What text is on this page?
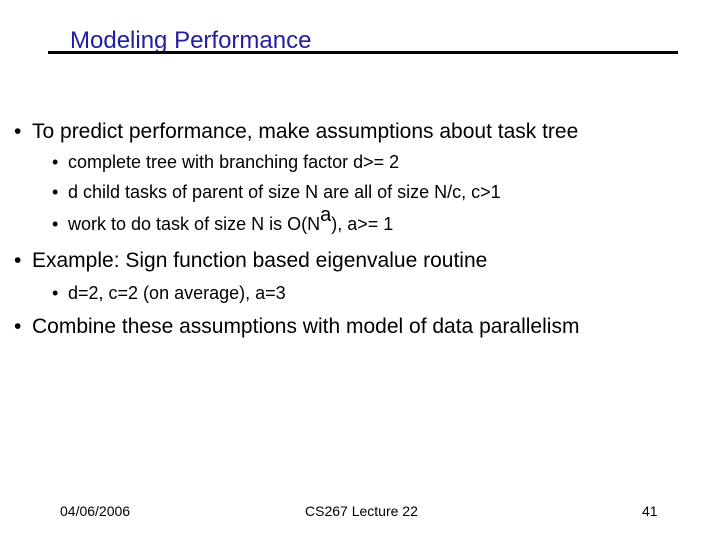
Modeling Performance
• To predict performance, make assumptions about task tree
• complete tree with branching factor d>= 2
• d child tasks of parent of size N are all of size N/c, c>1
• work to do task of size N is $O(N^a)$, a>= 1
• Example: Sign function based eigenvalue routine
• d=2, c=2 (on average), a=3
• Combine these assumptions with model of data parallelism
04/06/2006	CS267 Lecture 22	41
